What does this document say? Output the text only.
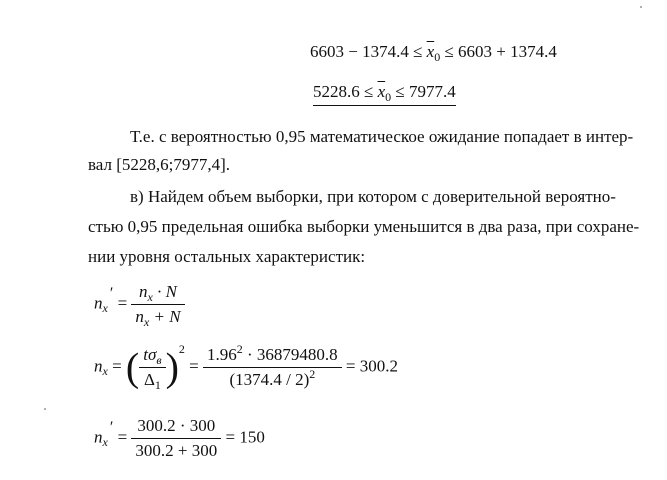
$6603 - 1374.4 \le \overline{x}_0 \le 6603 + 1374.4$
$5228.6 \le \overline{x}_0 \le 7977.4$
Т.е. с вероятностью 0,95 математическое ожидание попадает в интер-
вал [5228,6;7977,4].
в) Найдем объем выборки, при котором с доверительной вероятно-
стью 0,95 предельная ошибка выборки уменьшится в два раза, при сохране-
нии уровня остальных характеристик:
$n_x' = \frac{n_x \cdot N}{n_x + N}$
$n_x$ = ( $\frac{t\sigma_в}{\Delta_1} )^2 = \frac{1.96^2 \cdot 36879480.8}{(1374.4 / 2)^2} = 300.2$
$n_x' = \frac{300.2 \cdot 300}{300.2 + 300} = 150$
